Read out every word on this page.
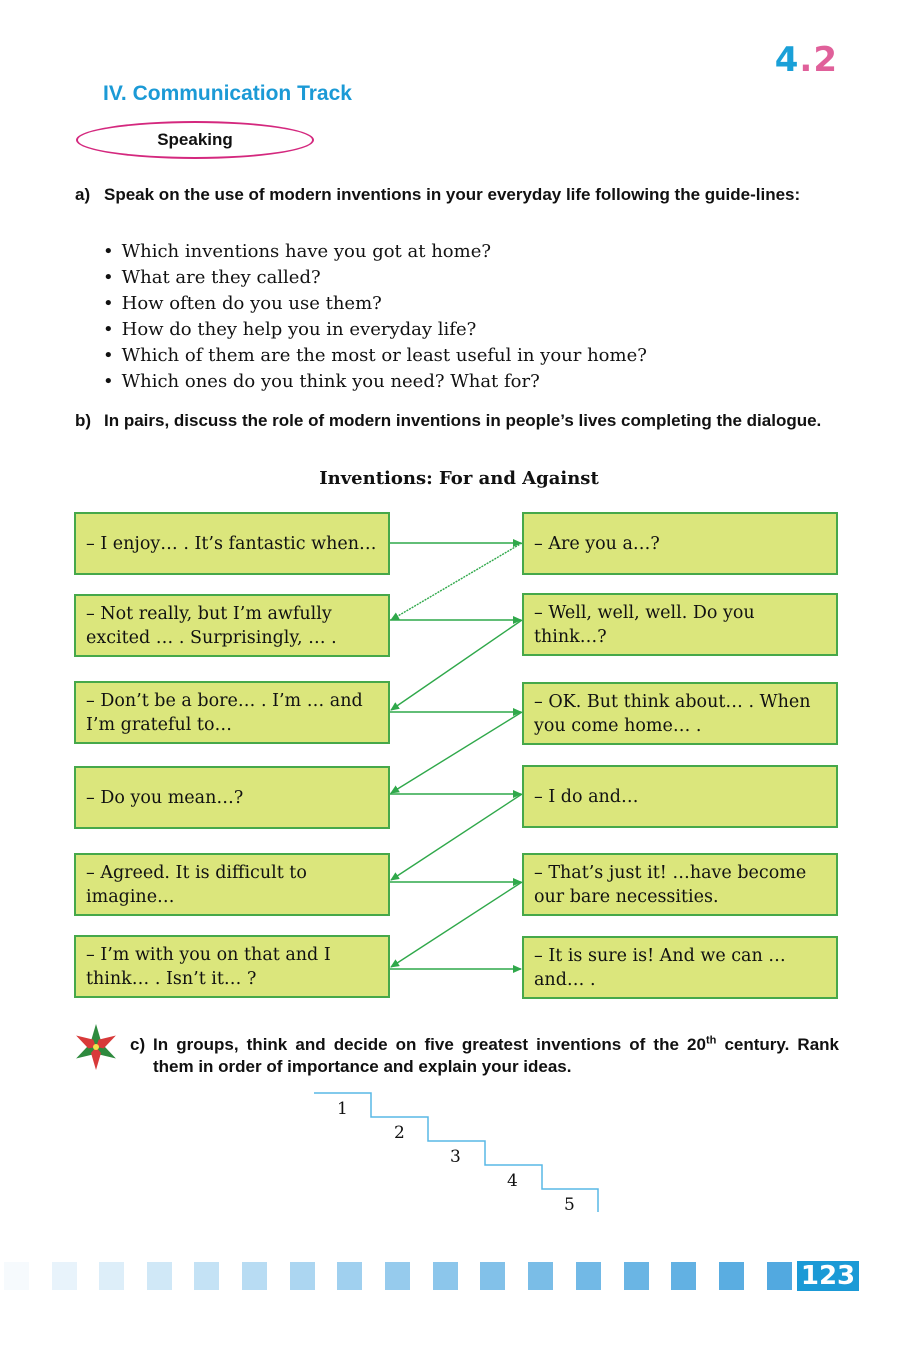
4.2
IV. Communication Track
Speaking
a) Speak on the use of modern inventions in your everyday life following the guide-lines:
• Which inventions have you got at home?
• What are they called?
• How often do you use them?
• How do they help you in everyday life?
• Which of them are the most or least useful in your home?
• Which ones do you think you need? What for?
b) In pairs, discuss the role of modern inventions in people’s lives completing the dialogue.
Inventions: For and Against
– I enjoy… . It’s fantastic when…
– Not really, but I’m awfully excited … . Surprisingly, … .
– Don’t be a bore… . I’m … and I’m grateful to…
– Do you mean…?
– Agreed. It is difficult to imagine…
– I’m with you on that and I think… . Isn’t it… ?
– Are you a…?
– Well, well, well. Do you think…?
– OK. But think about… . When you come home… .
– I do and…
– That’s just it! …have become our bare necessities.
– It is sure is! And we can … and… .
c) In groups, think and decide on five greatest inventions of the 20th century. Rank them in order of importance and explain your ideas.
1
2
3
4
5
123
